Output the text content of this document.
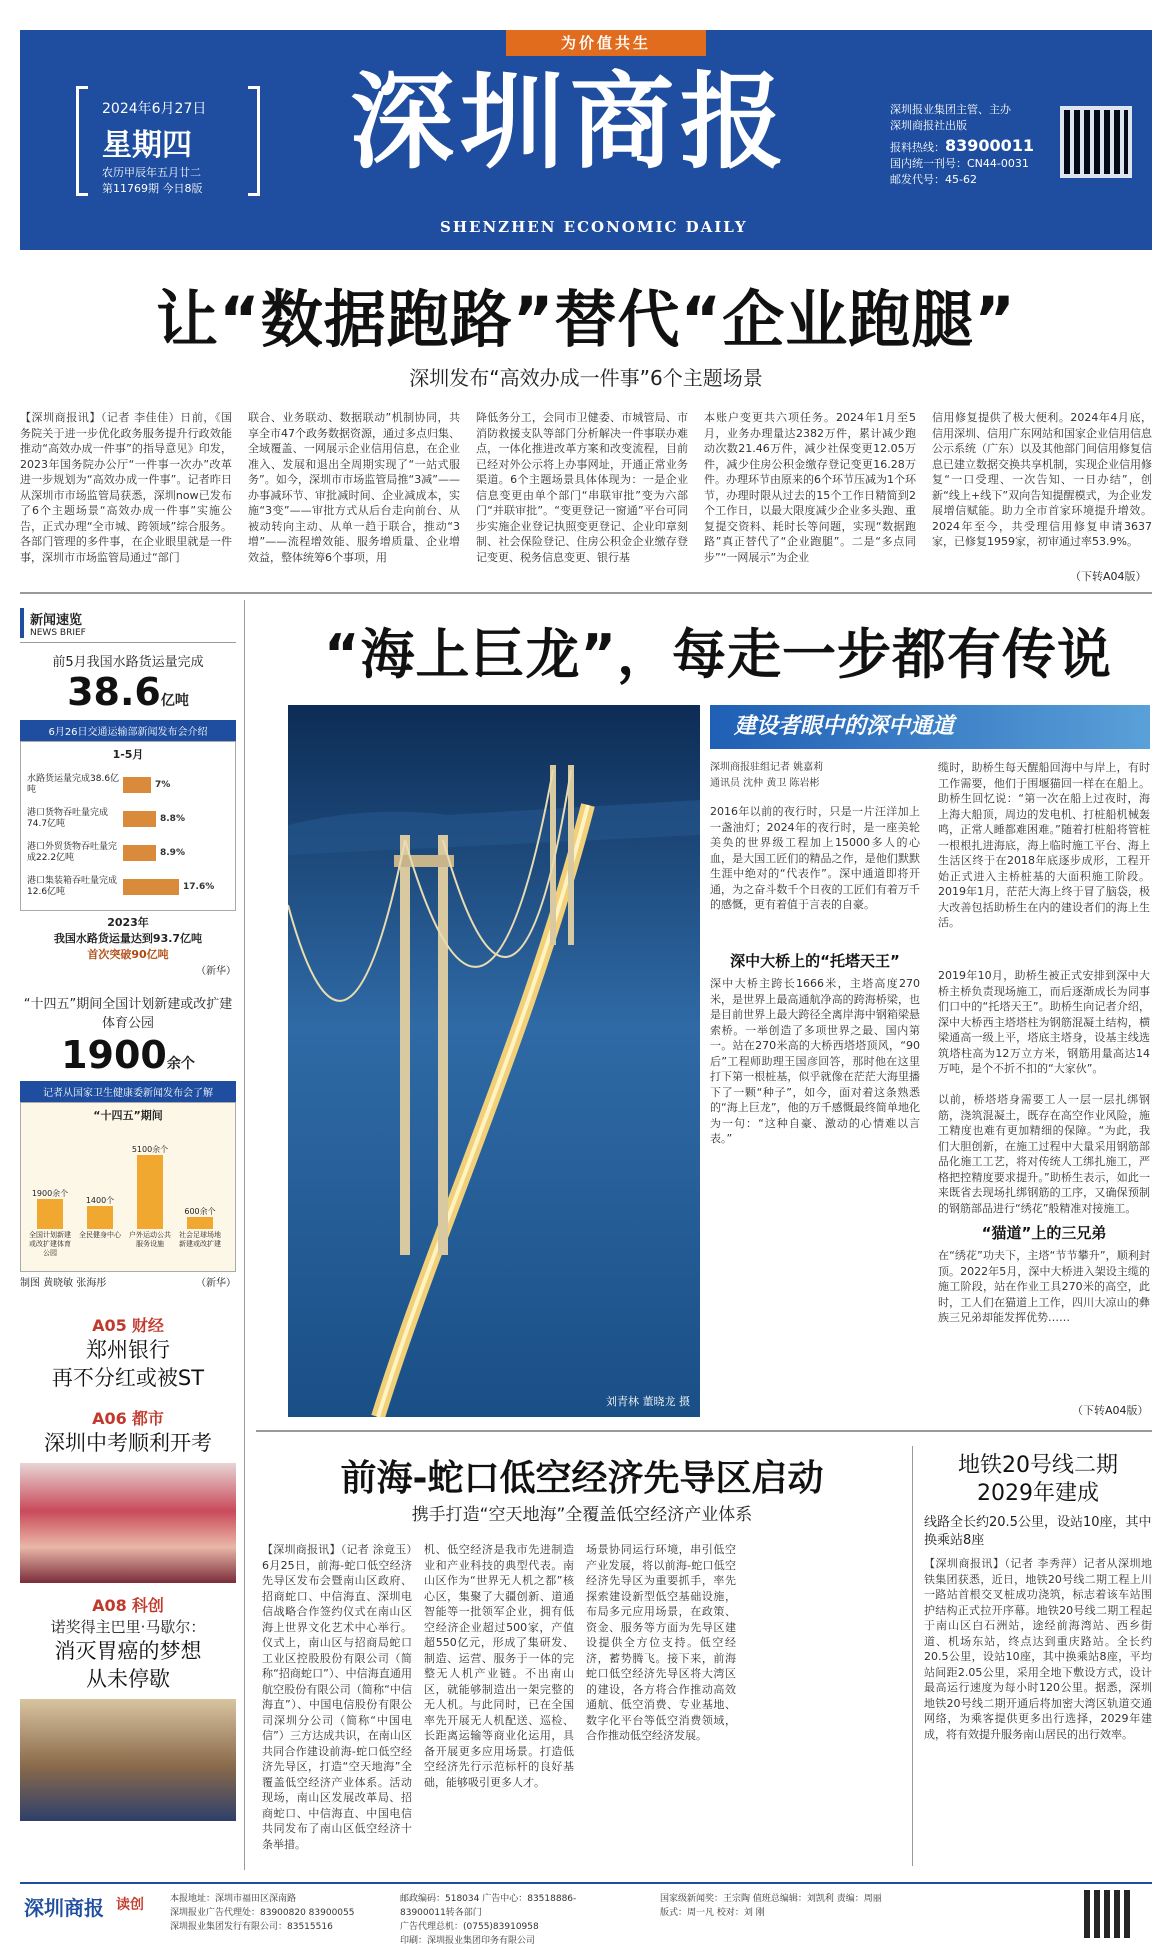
为价值共生
2024年6月27日
星期四
农历甲辰年五月廿二
第11769期 今日8版
深圳商报
SHENZHEN ECONOMIC DAILY
深圳报业集团主管、主办
深圳商报社出版
报料热线：83900011
国内统一刊号：CN44-0031
邮发代号：45-62
让“数据跑路”替代“企业跑腿”
深圳发布“高效办成一件事”6个主题场景
【深圳商报讯】（记者 李佳佳）日前，《国务院关于进一步优化政务服务提升行政效能推动“高效办成一件事”的指导意见》印发，2023年国务院办公厅“一件事一次办”改革进一步规划为“高效办成一件事”。记者昨日从深圳市市场监管局获悉，深圳now已发布了6个主题场景“高效办成一件事”实施公告，正式办理“全市城、跨领域”综合服务。各部门管理的多件事，在企业眼里就是一件事，深圳市市场监管局通过“部门
联合、业务联动、数据联动”机制协同，共享全市47个政务数据资源，通过多点归集、全域覆盖、一网展示企业信用信息，在企业准入、发展和退出全周期实现了“一站式服务”。如今，深圳市市场监管局推“3减”——办事减环节、审批减时间、企业减成本，实施“3变”——审批方式从后台走向前台、从被动转向主动、从单一趋于联合，推动“3增”——流程增效能、服务增质量、企业增效益，整体统筹6个事项，用
降低务分工，会同市卫健委、市城管局、市消防救援支队等部门分析解决一件事联办难点，一体化推进改革方案和改变流程，目前已经对外公示将上办事网址，开通正常业务渠道。6个主题场景具体体现为：一是企业信息变更由单个部门“串联审批”变为六部门“并联审批”。“变更登记一窗通”平台可同步实施企业登记执照变更登记、企业印章刻制、社会保险登记、住房公积金企业缴存登记变更、税务信息变更、银行基
本账户变更共六项任务。2024年1月至5月，业务办理量达2382万件，累计减少跑动次数21.46万件，减少社保变更12.05万件，减少住房公积金缴存登记变更16.28万件。办理环节由原来的6个环节压减为1个环节，办理时限从过去的15个工作日精简到2个工作日，以最大限度减少企业多头跑、重复提交资料、耗时长等问题，实现“数据跑路”真正替代了“企业跑腿”。二是“多点同步”“一网展示”为企业
信用修复提供了极大便利。2024年4月底，信用深圳、信用广东网站和国家企业信用信息公示系统（广东）以及其他部门间信用修复信息已建立数据交换共享机制，实现企业信用修复“一口受理、一次告知、一日办结”，创新“线上+线下”双向告知提醒模式，为企业发展增信赋能。助力全市首家环境提升增效。2024年至今，共受理信用修复申请3637家，已修复1959家，初审通过率53.9%。
（下转A04版）
新闻速览
NEWS BRIEF
前5月我国水路货运量完成
38.6亿吨
6月26日交通运输部新闻发布会介绍
1-5月
水路货运量完成38.6亿吨	7%
港口货物吞吐量完成74.7亿吨	8.8%
港口外贸货物吞吐量完成22.2亿吨	8.9%
港口集装箱吞吐量完成12.6亿吨	17.6%
2023年
我国水路货运量达到93.7亿吨
首次突破90亿吨
（新华）
“十四五”期间全国计划新建或改扩建体育公园
1900余个
记者从国家卫生健康委新闻发布会了解
“十四五”期间
1900余个
全国计划新建或改扩建体育公园
1400个
全民健身中心
5100余个
户外运动公共服务设施
600余个
社会足球场地新建或改扩建
制图 黄晓敏 张海彤	（新华）
A05 财经
郑州银行
再不分红或被ST
A06 都市
深圳中考顺利开考
A08 科创
诺奖得主巴里·马歇尔：
消灭胃癌的梦想
从未停歇
“海上巨龙”，每走一步都有传说
刘青林 董晓龙 摄
建设者眼中的深中通道
深圳商报驻组记者 姚嘉莉
通讯员 沈仲 黄卫 陈岩彬
2016年以前的夜行时，只是一片汪洋加上一盏油灯；2024年的夜行时，是一座美轮美奂的世界级工程加上15000多人的心血，是大国工匠们的精品之作，是他们默默生涯中绝对的“代表作”。深中通道即将开通，为之奋斗数千个日夜的工匠们有着万千的感慨，更有着值于言表的自豪。
深中大桥上的“托塔天王”
深中大桥主跨长1666米，主塔高度270米，是世界上最高通航净高的跨海桥梁，也是目前世界上最大跨径全离岸海中钢箱梁悬索桥。一举创造了多项世界之最、国内第一。站在270米高的大桥西塔塔顶风，“90后”工程师助理王国彦回答，那时他在这里打下第一根桩基，似乎就像在茫茫大海里播下了一颗“种子”，如今，面对着这条熟悉的“海上巨龙”，他的万千感慨最终简单地化为一句：“这种自豪、激动的心情难以言表。”
缆时，助桥生每天醒船回海中与岸上，有时工作需要，他们于围堰猫回一样在在船上。助桥生回忆说：“第一次在船上过夜时，海上海大船顶，周边的发电机、打桩船机械轰鸣，正常人睡都难困难。”随着打桩船将管桩一根根扎进海底，海上临时施工平台、海上生活区终于在2018年底逐步成形，工程开始正式进入主桥桩基的大面积施工阶段。2019年1月，茫茫大海上终于冒了脑袋，极大改善包括助桥生在内的建设者们的海上生活。
2019年10月，助桥生被正式安排到深中大桥主桥负责现场施工，而后逐渐成长为同事们口中的“托塔天王”。助桥生向记者介绍，深中大桥西主塔塔柱为钢筋混凝土结构，横梁通高一级上平，塔底主塔身，设基主线选筑塔柱高为12万立方米，钢筋用量高达14万吨，是个不折不扣的“大家伙”。
以前，桥塔塔身需要工人一层一层扎绑钢筋，浇筑混凝土，既存在高空作业风险，施工精度也难有更加精细的保障。“为此，我们大胆创新，在施工过程中大量采用钢筋部品化施工工艺，将对传统人工绑扎施工，严格把控精度要求提升。”助桥生表示，如此一来既省去现场扎绑钢筋的工序，又确保预制的钢筋部品进行“绣花”般精准对接施工。
“猫道”上的三兄弟
在“绣花”功夫下，主塔“节节攀升”，顺利封顶。2022年5月，深中大桥进入架设主缆的施工阶段，站在作业工具270米的高空，此时，工人们在猫道上工作，四川大凉山的彝族三兄弟却能发挥优势……
（下转A04版）
前海-蛇口低空经济先导区启动
携手打造“空天地海”全覆盖低空经济产业体系
【深圳商报讯】（记者 涂竟玉）6月25日，前海-蛇口低空经济先导区发布会暨南山区政府、招商蛇口、中信海直、深圳电信战略合作签约仪式在南山区海上世界文化艺术中心举行。仪式上，南山区与招商局蛇口工业区控股股份有限公司（简称“招商蛇口”）、中信海直通用航空股份有限公司（简称“中信海直”）、中国电信股份有限公司深圳分公司（简称“中国电信”）三方达成共识，在南山区共同合作建设前海-蛇口低空经济先导区，打造“空天地海”全覆盖低空经济产业体系。活动现场，南山区发展改革局、招商蛇口、中信海直、中国电信共同发布了南山区低空经济十条举措。
机、低空经济是我市先进制造业和产业科技的典型代表。南山区作为“世界无人机之都”核心区，集聚了大疆创新、道通智能等一批领军企业，拥有低空经济企业超过500家，产值超550亿元，形成了集研发、制造、运营、服务于一体的完整无人机产业链。不出南山区，就能够制造出一架完整的无人机。与此同时，已在全国率先开展无人机配送、巡检、长距离运输等商业化运用，具备开展更多应用场景。打造低空经济先行示范标杆的良好基础，能够吸引更多人才。
场景协同运行环境，串引低空产业发展，将以前海-蛇口低空经济先导区为重要抓手，率先探索建设新型低空基础设施，布局多元应用场景，在政策、资金、服务等方面为先导区建设提供全方位支持。低空经济，蓄势腾飞。接下来，前海蛇口低空经济先导区将大湾区的建设，各方将合作推动高效通航、低空消费、专业基地、数字化平台等低空消费领域，合作推动低空经济发展。
地铁20号线二期
2029年建成
线路全长约20.5公里，设站10座，其中换乘站8座
【深圳商报讯】（记者 李秀萍）记者从深圳地铁集团获悉，近日，地铁20号线二期工程上川一路站首根交叉桩成功浇筑，标志着该车站围护结构正式拉开序幕。地铁20号线二期工程起于南山区白石洲站，途经前海湾站、西乡街道、机场东站，终点达到重庆路站。全长约20.5公里，设站10座，其中换乘站8座，平均站间距2.05公里，采用全地下敷设方式，设计最高运行速度为每小时120公里。据悉，深圳地铁20号线二期开通后将加密大湾区轨道交通网络，为乘客提供更多出行选择，2029年建成，将有效提升服务南山居民的出行效率。
深圳商报 读创	本报地址：深圳市福田区深南路
深圳报业广告代理处：83900820 83900055
深圳报业集团发行有限公司：83515516
邮政编码：518034 广告中心：83518886-83900011转各部门
广告代理总机：(0755)83910958
印刷：深圳报业集团印务有限公司
国家级新闻奖：王宗陶 值班总编辑：刘凯利 责编：周丽
版式：周一凡 校对：刘 刚
